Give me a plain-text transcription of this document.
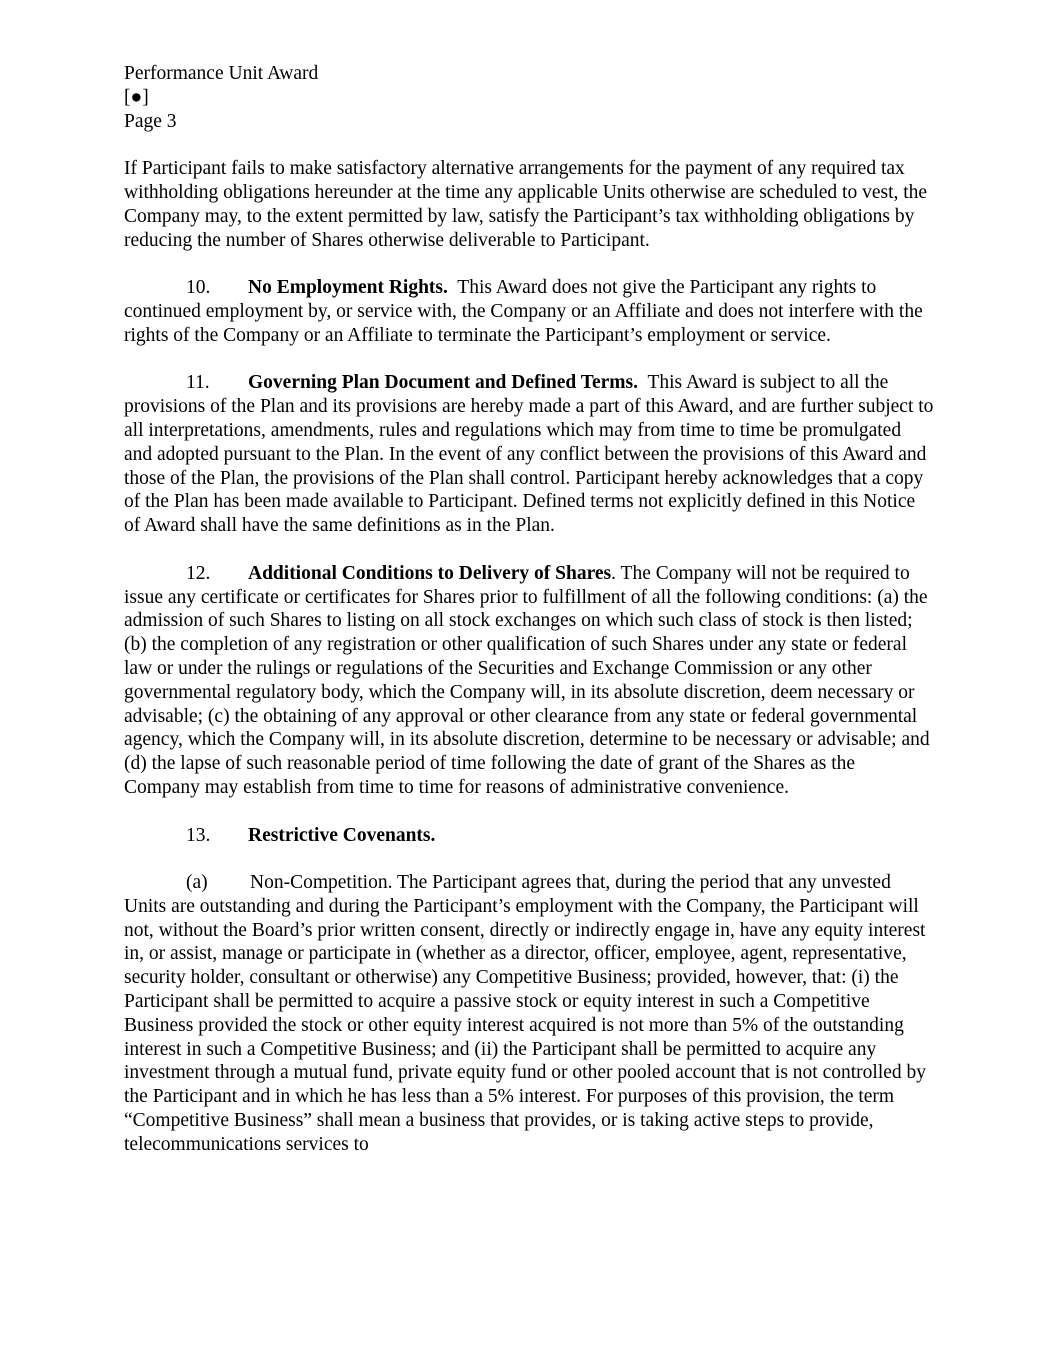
Performance Unit Award
[●]
Page 3

If Participant fails to make satisfactory alternative arrangements for the payment of any required tax withholding obligations hereunder at the time any applicable Units otherwise are scheduled to vest, the Company may, to the extent permitted by law, satisfy the Participant’s tax withholding obligations by reducing the number of Shares otherwise deliverable to Participant.

10. No Employment Rights. This Award does not give the Participant any rights to continued employment by, or service with, the Company or an Affiliate and does not interfere with the rights of the Company or an Affiliate to terminate the Participant’s employment or service.

11. Governing Plan Document and Defined Terms. This Award is subject to all the provisions of the Plan and its provisions are hereby made a part of this Award, and are further subject to all interpretations, amendments, rules and regulations which may from time to time be promulgated and adopted pursuant to the Plan. In the event of any conflict between the provisions of this Award and those of the Plan, the provisions of the Plan shall control. Participant hereby acknowledges that a copy of the Plan has been made available to Participant. Defined terms not explicitly defined in this Notice of Award shall have the same definitions as in the Plan.

12. Additional Conditions to Delivery of Shares. The Company will not be required to issue any certificate or certificates for Shares prior to fulfillment of all the following conditions: (a) the admission of such Shares to listing on all stock exchanges on which such class of stock is then listed; (b) the completion of any registration or other qualification of such Shares under any state or federal law or under the rulings or regulations of the Securities and Exchange Commission or any other governmental regulatory body, which the Company will, in its absolute discretion, deem necessary or advisable; (c) the obtaining of any approval or other clearance from any state or federal governmental agency, which the Company will, in its absolute discretion, determine to be necessary or advisable; and (d) the lapse of such reasonable period of time following the date of grant of the Shares as the Company may establish from time to time for reasons of administrative convenience.

13. Restrictive Covenants.

(a) Non-Competition. The Participant agrees that, during the period that any unvested Units are outstanding and during the Participant’s employment with the Company, the Participant will not, without the Board’s prior written consent, directly or indirectly engage in, have any equity interest in, or assist, manage or participate in (whether as a director, officer, employee, agent, representative, security holder, consultant or otherwise) any Competitive Business; provided, however, that: (i) the Participant shall be permitted to acquire a passive stock or equity interest in such a Competitive Business provided the stock or other equity interest acquired is not more than 5% of the outstanding interest in such a Competitive Business; and (ii) the Participant shall be permitted to acquire any investment through a mutual fund, private equity fund or other pooled account that is not controlled by the Participant and in which he has less than a 5% interest. For purposes of this provision, the term “Competitive Business” shall mean a business that provides, or is taking active steps to provide, telecommunications services to
